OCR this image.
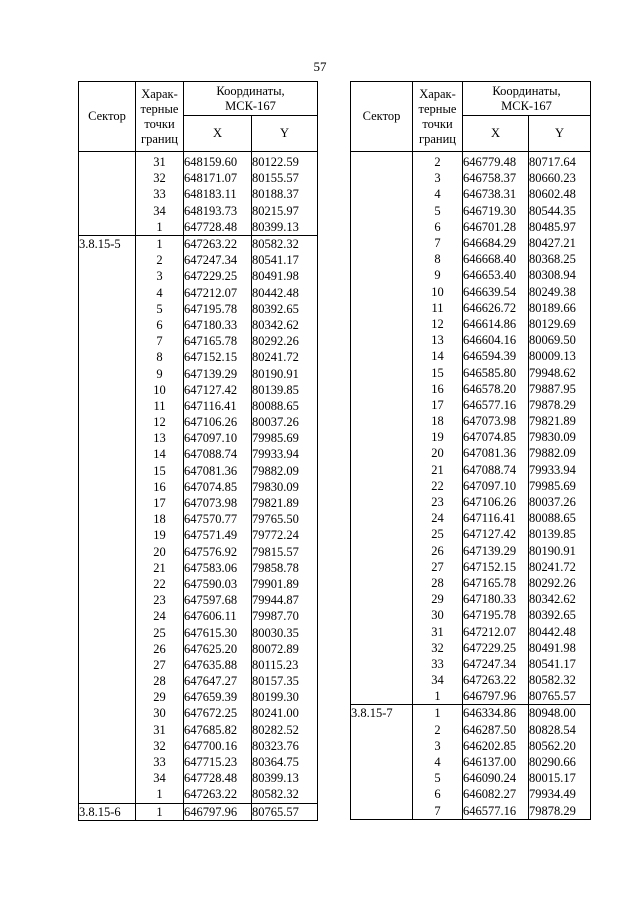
57
Сектор	Харак-
терные
точки
границ	Координаты,
МСК-167	
		X	Y
	31	648159.60	80122.59
	32	648171.07	80155.57
	33	648183.11	80188.37
	34	648193.73	80215.97
	1	647728.48	80399.13
3.8.15-5	1	647263.22	80582.32
	2	647247.34	80541.17
	3	647229.25	80491.98
	4	647212.07	80442.48
	5	647195.78	80392.65
	6	647180.33	80342.62
	7	647165.78	80292.26
	8	647152.15	80241.72
	9	647139.29	80190.91
	10	647127.42	80139.85
	11	647116.41	80088.65
	12	647106.26	80037.26
	13	647097.10	79985.69
	14	647088.74	79933.94
	15	647081.36	79882.09
	16	647074.85	79830.09
	17	647073.98	79821.89
	18	647570.77	79765.50
	19	647571.49	79772.24
	20	647576.92	79815.57
	21	647583.06	79858.78
	22	647590.03	79901.89
	23	647597.68	79944.87
	24	647606.11	79987.70
	25	647615.30	80030.35
	26	647625.20	80072.89
	27	647635.88	80115.23
	28	647647.27	80157.35
	29	647659.39	80199.30
	30	647672.25	80241.00
	31	647685.82	80282.52
	32	647700.16	80323.76
	33	647715.23	80364.75
	34	647728.48	80399.13
	1	647263.22	80582.32
3.8.15-6	1	646797.96	80765.57
Сектор	Харак-
терные
точки
границ	Координаты,
МСК-167	
		X	Y
	2	646779.48	80717.64
	3	646758.37	80660.23
	4	646738.31	80602.48
	5	646719.30	80544.35
	6	646701.28	80485.97
	7	646684.29	80427.21
	8	646668.40	80368.25
	9	646653.40	80308.94
	10	646639.54	80249.38
	11	646626.72	80189.66
	12	646614.86	80129.69
	13	646604.16	80069.50
	14	646594.39	80009.13
	15	646585.80	79948.62
	16	646578.20	79887.95
	17	646577.16	79878.29
	18	647073.98	79821.89
	19	647074.85	79830.09
	20	647081.36	79882.09
	21	647088.74	79933.94
	22	647097.10	79985.69
	23	647106.26	80037.26
	24	647116.41	80088.65
	25	647127.42	80139.85
	26	647139.29	80190.91
	27	647152.15	80241.72
	28	647165.78	80292.26
	29	647180.33	80342.62
	30	647195.78	80392.65
	31	647212.07	80442.48
	32	647229.25	80491.98
	33	647247.34	80541.17
	34	647263.22	80582.32
	1	646797.96	80765.57
3.8.15-7	1	646334.86	80948.00
	2	646287.50	80828.54
	3	646202.85	80562.20
	4	646137.00	80290.66
	5	646090.24	80015.17
	6	646082.27	79934.49
	7	646577.16	79878.29
